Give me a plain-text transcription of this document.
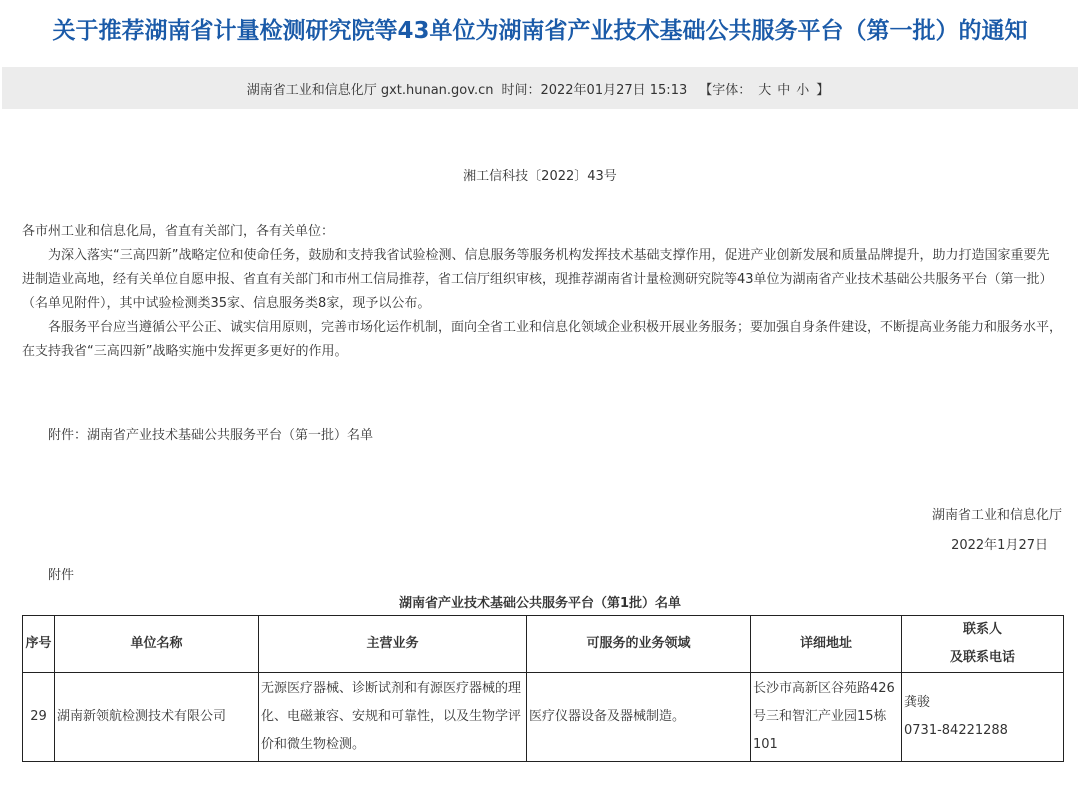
关于推荐湖南省计量检测研究院等43单位为湖南省产业技术基础公共服务平台（第一批）的通知
湖南省工业和信息化厅 gxt.hunan.gov.cn 时间：2022年01月27日 15:13 【字体： 大 中 小 】
湘工信科技〔2022〕43号

各市州工业和信息化局，省直有关部门，各有关单位：

为深入落实“三高四新”战略定位和使命任务，鼓励和支持我省试验检测、信息服务等服务机构发挥技术基础支撑作用，促进产业创新发展和质量品牌提升，助力打造国家重要先进制造业高地，经有关单位自愿申报、省直有关部门和市州工信局推荐，省工信厅组织审核，现推荐湖南省计量检测研究院等43单位为湖南省产业技术基础公共服务平台（第一批）（名单见附件），其中试验检测类35家、信息服务类8家，现予以公布。

各服务平台应当遵循公平公正、诚实信用原则，完善市场化运作机制，面向全省工业和信息化领域企业积极开展业务服务；要加强自身条件建设，不断提高业务能力和服务水平，在支持我省“三高四新”战略实施中发挥更多更好的作用。

附件：湖南省产业技术基础公共服务平台（第一批）名单
湖南省工业和信息化厅
2022年1月27日
附件
湖南省产业技术基础公共服务平台（第1批）名单
序号	单位名称	主营业务	可服务的业务领域	详细地址	联系人
及联系电话

29	湖南新领航检测技术有限公司	无源医疗器械、诊断试剂和有源医疗器械的理化、电磁兼容、安规和可靠性，以及生物学评价和微生物检测。	医疗仪器设备及器械制造。	长沙市高新区谷苑路426号三和智汇产业园15栋101	龚骏
0731-84221288
